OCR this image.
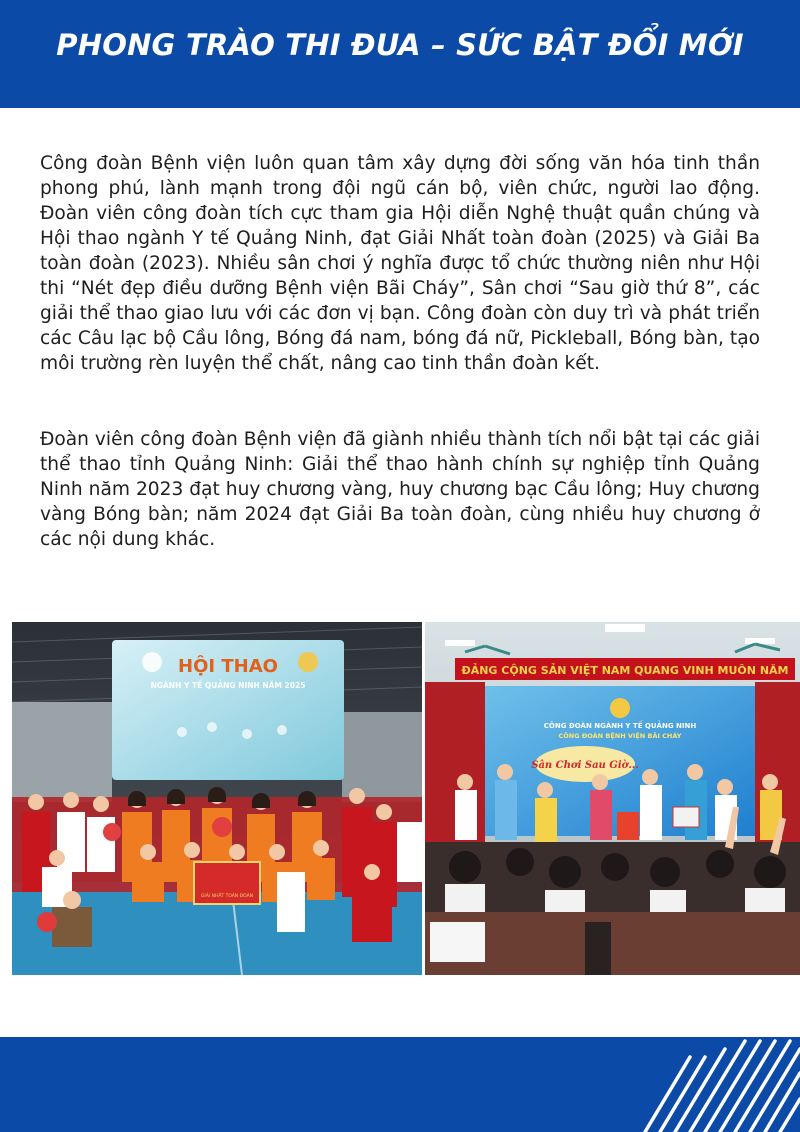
PHONG TRÀO THI ĐUA – SỨC BẬT ĐỔI MỚI

Công đoàn Bệnh viện luôn quan tâm xây dựng đời sống văn hóa tinh thần phong phú, lành mạnh trong đội ngũ cán bộ, viên chức, người lao động. Đoàn viên công đoàn tích cực tham gia Hội diễn Nghệ thuật quần chúng và Hội thao ngành Y tế Quảng Ninh, đạt Giải Nhất toàn đoàn (2025) và Giải Ba toàn đoàn (2023). Nhiều sân chơi ý nghĩa được tổ chức thường niên như Hội thi “Nét đẹp điều dưỡng Bệnh viện Bãi Cháy”, Sân chơi “Sau giờ thứ 8”, các giải thể thao giao lưu với các đơn vị bạn. Công đoàn còn duy trì và phát triển các Câu lạc bộ Cầu lông, Bóng đá nam, bóng đá nữ, Pickleball, Bóng bàn, tạo môi trường rèn luyện thể chất, nâng cao tinh thần đoàn kết.

Đoàn viên công đoàn Bệnh viện đã giành nhiều thành tích nổi bật tại các giải thể thao tỉnh Quảng Ninh: Giải thể thao hành chính sự nghiệp tỉnh Quảng Ninh năm 2023 đạt huy chương vàng, huy chương bạc Cầu lông; Huy chương vàng Bóng bàn; năm 2024 đạt Giải Ba toàn đoàn, cùng nhiều huy chương ở các nội dung khác.

HỘI THAO
NGÀNH Y TẾ QUẢNG NINH NĂM 2025
GIẢI NHẤT TOÀN ĐOÀN
ĐẢNG CỘNG SẢN VIỆT NAM QUANG VINH MUÔN NĂM
CÔNG ĐOÀN NGÀNH Y TẾ QUẢNG NINH
CÔNG ĐOÀN BỆNH VIỆN BÃI CHÁY
Sân Chơi Sau Giờ...
